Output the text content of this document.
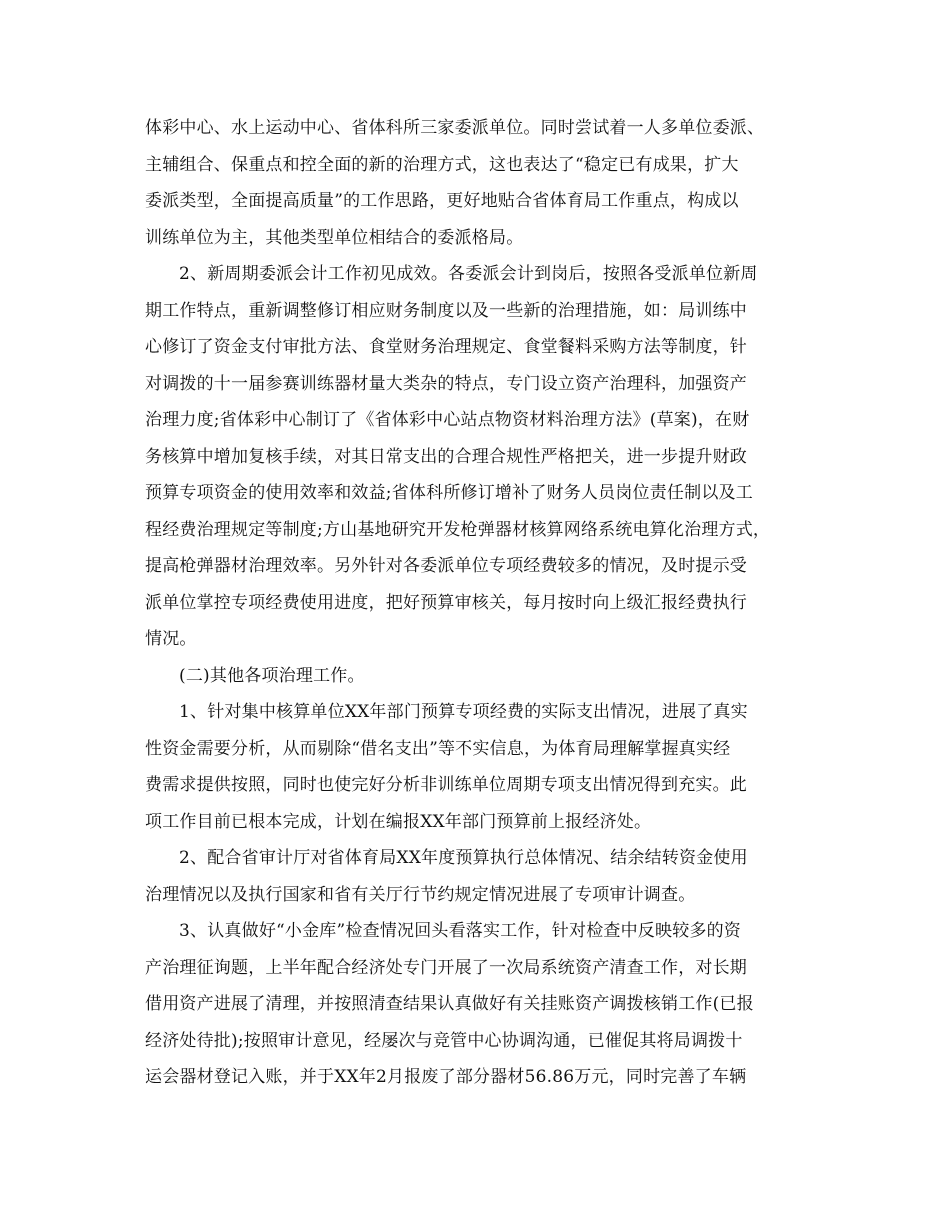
体彩中心、水上运动中心、省体科所三家委派单位。同时尝试着一人多单位委派、
主辅组合、保重点和控全面的新的治理方式，这也表达了“稳定已有成果，扩大
委派类型，全面提高质量”的工作思路，更好地贴合省体育局工作重点，构成以
训练单位为主，其他类型单位相结合的委派格局。
2、新周期委派会计工作初见成效。各委派会计到岗后，按照各受派单位新周
期工作特点，重新调整修订相应财务制度以及一些新的治理措施，如：局训练中
心修订了资金支付审批方法、食堂财务治理规定、食堂餐料采购方法等制度，针
对调拨的十一届参赛训练器材量大类杂的特点，专门设立资产治理科，加强资产
治理力度;省体彩中心制订了《省体彩中心站点物资材料治理方法》(草案)，在财
务核算中增加复核手续，对其日常支出的合理合规性严格把关，进一步提升财政
预算专项资金的使用效率和效益;省体科所修订增补了财务人员岗位责任制以及工
程经费治理规定等制度;方山基地研究开发枪弹器材核算网络系统电算化治理方式，
提高枪弹器材治理效率。另外针对各委派单位专项经费较多的情况，及时提示受
派单位掌控专项经费使用进度，把好预算审核关，每月按时向上级汇报经费执行
情况。
(二)其他各项治理工作。
1、针对集中核算单位XX年部门预算专项经费的实际支出情况，进展了真实
性资金需要分析，从而剔除“借名支出”等不实信息，为体育局理解掌握真实经
费需求提供按照，同时也使完好分析非训练单位周期专项支出情况得到充实。此
项工作目前已根本完成，计划在编报XX年部门预算前上报经济处。
2、配合省审计厅对省体育局XX年度预算执行总体情况、结余结转资金使用
治理情况以及执行国家和省有关厅行节约规定情况进展了专项审计调查。
3、认真做好“小金库”检查情况回头看落实工作，针对检查中反映较多的资
产治理征询题，上半年配合经济处专门开展了一次局系统资产清查工作，对长期
借用资产进展了清理，并按照清查结果认真做好有关挂账资产调拨核销工作(已报
经济处待批);按照审计意见，经屡次与竞管中心协调沟通，已催促其将局调拨十
运会器材登记入账，并于XX年2月报废了部分器材56.86万元，同时完善了车辆
